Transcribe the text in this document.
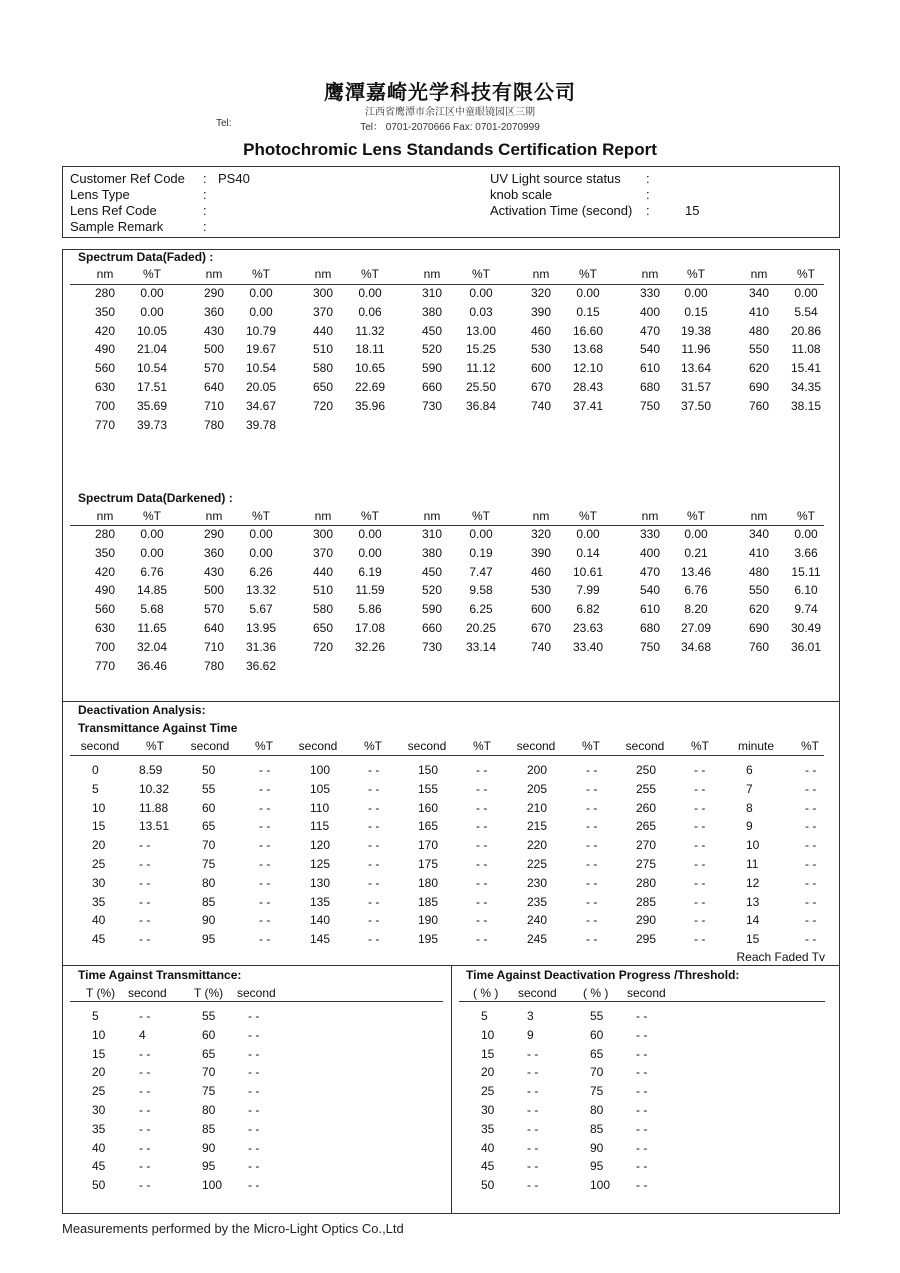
鹰潭嘉崎光学科技有限公司
江西省鹰潭市余江区中童眼镜园区三期
Tel:	Tel： 0701-2070666 Fax: 0701-2070999
Photochromic Lens Standands Certification Report
Customer Ref Code : PS40
Lens Type	:
Lens Ref Code	:
Sample Remark	:
UV Light source status :
knob scale	:
Activation Time (second) :	15
Spectrum Data(Faded) :
nm	%T	nm	%T	nm	%T	nm	%T	nm	%T	nm	%T	nm	%T
280	0.00	290	0.00	300	0.00	310	0.00	320	0.00	330	0.00	340	0.00
350	0.00	360	0.00	370	0.06	380	0.03	390	0.15	400	0.15	410	5.54
420	10.05	430	10.79	440	11.32	450	13.00	460	16.60	470	19.38	480	20.86
490	21.04	500	19.67	510	18.11	520	15.25	530	13.68	540	11.96	550	11.08
560	10.54	570	10.54	580	10.65	590	11.12	600	12.10	610	13.64	620	15.41
630	17.51	640	20.05	650	22.69	660	25.50	670	28.43	680	31.57	690	34.35
700	35.69	710	34.67	720	35.96	730	36.84	740	37.41	750	37.50	760	38.15
770	39.73	780	39.78
Spectrum Data(Darkened) :
nm	%T	nm	%T	nm	%T	nm	%T	nm	%T	nm	%T	nm	%T
280	0.00	290	0.00	300	0.00	310	0.00	320	0.00	330	0.00	340	0.00
350	0.00	360	0.00	370	0.00	380	0.19	390	0.14	400	0.21	410	3.66
420	6.76	430	6.26	440	6.19	450	7.47	460	10.61	470	13.46	480	15.11
490	14.85	500	13.32	510	11.59	520	9.58	530	7.99	540	6.76	550	6.10
560	5.68	570	5.67	580	5.86	590	6.25	600	6.82	610	8.20	620	9.74
630	11.65	640	13.95	650	17.08	660	20.25	670	23.63	680	27.09	690	30.49
700	32.04	710	31.36	720	32.26	730	33.14	740	33.40	750	34.68	760	36.01
770	36.46	780	36.62
Deactivation Analysis:
Transmittance Against Time
second	%T	second	%T	second	%T	second	%T	second	%T	second	%T	minute	%T
0	8.59	50	- -	100	- -	150	- -	200	- -	250	- -	6	- -
5	10.32	55	- -	105	- -	155	- -	205	- -	255	- -	7	- -
10	11.88	60	- -	110	- -	160	- -	210	- -	260	- -	8	- -
15	13.51	65	- -	115	- -	165	- -	215	- -	265	- -	9	- -
20	- -	70	- -	120	- -	170	- -	220	- -	270	- -	10	- -
25	- -	75	- -	125	- -	175	- -	225	- -	275	- -	11	- -
30	- -	80	- -	130	- -	180	- -	230	- -	280	- -	12	- -
35	- -	85	- -	135	- -	185	- -	235	- -	285	- -	13	- -
40	- -	90	- -	140	- -	190	- -	240	- -	290	- -	14	- -
45	- -	95	- -	145	- -	195	- -	245	- -	295	- -	15	- -
Reach Faded Tv
Time Against Transmittance:
T (%) second T (%) second
5	- -	55	- -
10	4	60	- -
15	- -	65	- -
20	- -	70	- -
25	- -	75	- -
30	- -	80	- -
35	- -	85	- -
40	- -	90	- -
45	- -	95	- -
50	- -	100 - -
Time Against Deactivation Progress /Threshold:
( % ) second ( % ) second
5	3	55	- -
10	9	60	- -
15	- -	65	- -
20	- -	70	- -
25	- -	75	- -
30	- -	80	- -
35	- -	85	- -
40	- -	90	- -
45	- -	95	- -
50	- -	100 - -
Measurements performed by the Micro-Light Optics Co.,Ltd
